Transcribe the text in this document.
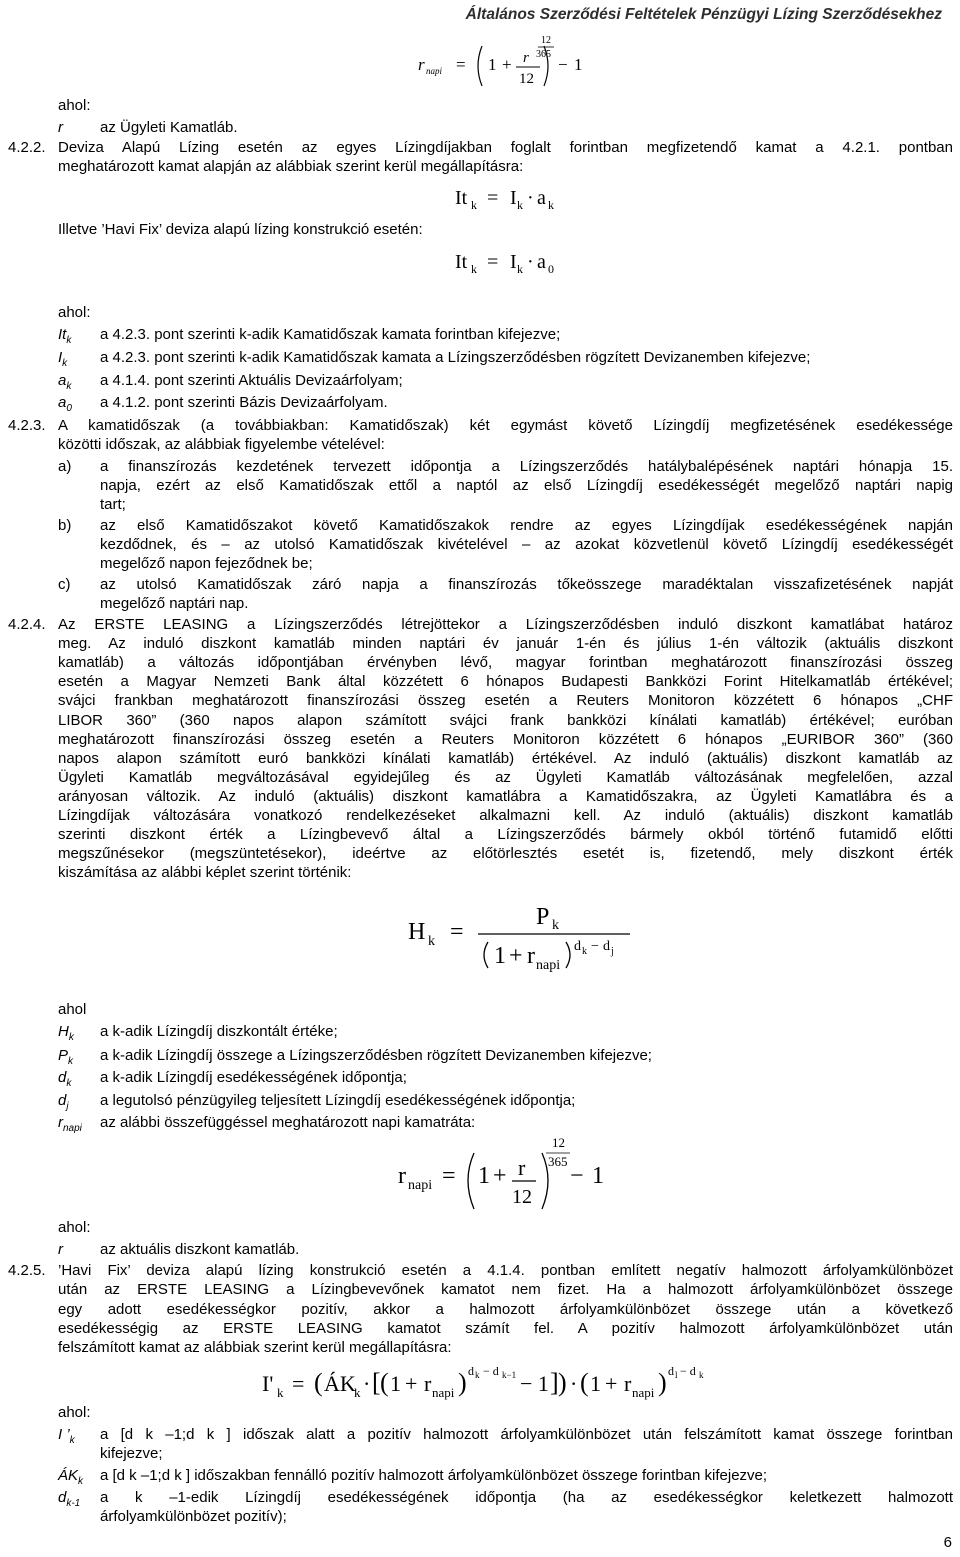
Általános Szerződési Feltételek Pénzügyi Lízing Szerződésekhez
r napi = 1 + r
12
12
365
− 1
ahol:
r az Ügyleti Kamatláb.
4.2.2. Deviza Alapú Lízing esetén az egyes Lízingdíjakban foglalt forintban megfizetendő kamat a 4.2.1. pontban
meghatározott kamat alapján az alábbiak szerint kerül megállapításra:
It k = I k · a k
Illetve ’Havi Fix’ deviza alapú lízing konstrukció esetén:
It k = I k · a 0
ahol:
$It_k$ a 4.2.3. pont szerinti k-adik Kamatidőszak kamata forintban kifejezve;
$I_k$ a 4.2.3. pont szerinti k-adik Kamatidőszak kamata a Lízingszerződésben rögzített Devizanemben kifejezve;
$a_k$ a 4.1.4. pont szerinti Aktuális Devizaárfolyam;
$a_0$ a 4.1.2. pont szerinti Bázis Devizaárfolyam.
4.2.3. A kamatidőszak (a továbbiakban: Kamatidőszak) két egymást követő Lízingdíj megfizetésének esedékessége
közötti időszak, az alábbiak figyelembe vételével:
a) a finanszírozás kezdetének tervezett időpontja a Lízingszerződés hatálybalépésének naptári hónapja 15.
napja, ezért az első Kamatidőszak ettől a naptól az első Lízingdíj esedékességét megelőző naptári napig
tart;
b) az első Kamatidőszakot követő Kamatidőszakok rendre az egyes Lízingdíjak esedékességének napján
kezdődnek, és – az utolsó Kamatidőszak kivételével – az azokat közvetlenül követő Lízingdíj esedékességét
megelőző napon fejeződnek be;
c) az utolsó Kamatidőszak záró napja a finanszírozás tőkeösszege maradéktalan visszafizetésének napját
megelőző naptári nap.
4.2.4. Az ERSTE LEASING a Lízingszerződés létrejöttekor a Lízingszerződésben induló diszkont kamatlábat határoz
meg. Az induló diszkont kamatláb minden naptári év január 1-én és július 1-én változik (aktuális diszkont
kamatláb) a változás időpontjában érvényben lévő, magyar forintban meghatározott finanszírozási összeg
esetén a Magyar Nemzeti Bank által közzétett 6 hónapos Budapesti Bankközi Forint Hitelkamatláb értékével;
svájci frankban meghatározott finanszírozási összeg esetén a Reuters Monitoron közzétett 6 hónapos „CHF
LIBOR 360” (360 napos alapon számított svájci frank bankközi kínálati kamatláb) értékével; euróban
meghatározott finanszírozási összeg esetén a Reuters Monitoron közzétett 6 hónapos „EURIBOR 360” (360
napos alapon számított euró bankközi kínálati kamatláb) értékével. Az induló (aktuális) diszkont kamatláb az
Ügyleti Kamatláb megváltozásával egyidejűleg és az Ügyleti Kamatláb változásának megfelelően, azzal
arányosan változik. Az induló (aktuális) diszkont kamatlábra a Kamatidőszakra, az Ügyleti Kamatlábra és a
Lízingdíjak változására vonatkozó rendelkezéseket alkalmazni kell. Az induló (aktuális) diszkont kamatláb
szerinti diszkont érték a Lízingbevevő által a Lízingszerződés bármely okból történő futamidő előtti
megszűnésekor (megszüntetésekor), ideértve az előtörlesztés esetét is, fizetendő, mely diszkont érték
kiszámítása az alábbi képlet szerint történik:
H k =
P k
1 + r napi
d k − d j
ahol
$H_k$ a k-adik Lízingdíj diszkontált értéke;
$P_k$ a k-adik Lízingdíj összege a Lízingszerződésben rögzített Devizanemben kifejezve;
$d_k$ a k-adik Lízingdíj esedékességének időpontja;
$d_j$ a legutolsó pénzügyileg teljesített Lízingdíj esedékességének időpontja;
$r_{napi}$ az alábbi összefüggéssel meghatározott napi kamatráta:
r napi = 1 + r
12
12
365
− 1
ahol:
r az aktuális diszkont kamatláb.
4.2.5. ’Havi Fix’ deviza alapú lízing konstrukció esetén a 4.1.4. pontban említett negatív halmozott árfolyamkülönbözet
után az ERSTE LEASING a Lízingbevevőnek kamatot nem fizet. Ha a halmozott árfolyamkülönbözet összege
egy adott esedékességkor pozitív, akkor a halmozott árfolyamkülönbözet összege után a következő
esedékességig az ERSTE LEASING kamatot számít fel. A pozitív halmozott árfolyamkülönbözet után
felszámított kamat az alábbiak szerint kerül megállapításra:
I' k = ( ÁK
k · [ ( 1 + r napi ) d k − d k−1 − 1 ] ) · ( 1 + r napi ) d l − d k
ahol:
I $’_k$ a [d k –1;d k ] időszak alatt a pozitív halmozott árfolyamkülönbözet után felszámított kamat összege forintban
kifejezve;
$ÁK_k$ a [d k –1;d k ] időszakban fennálló pozitív halmozott árfolyamkülönbözet összege forintban kifejezve;
$d_{k-1}$ a k –1-edik Lízingdíj esedékességének időpontja (ha az esedékességkor keletkezett halmozott
árfolyamkülönbözet pozitív);
6
